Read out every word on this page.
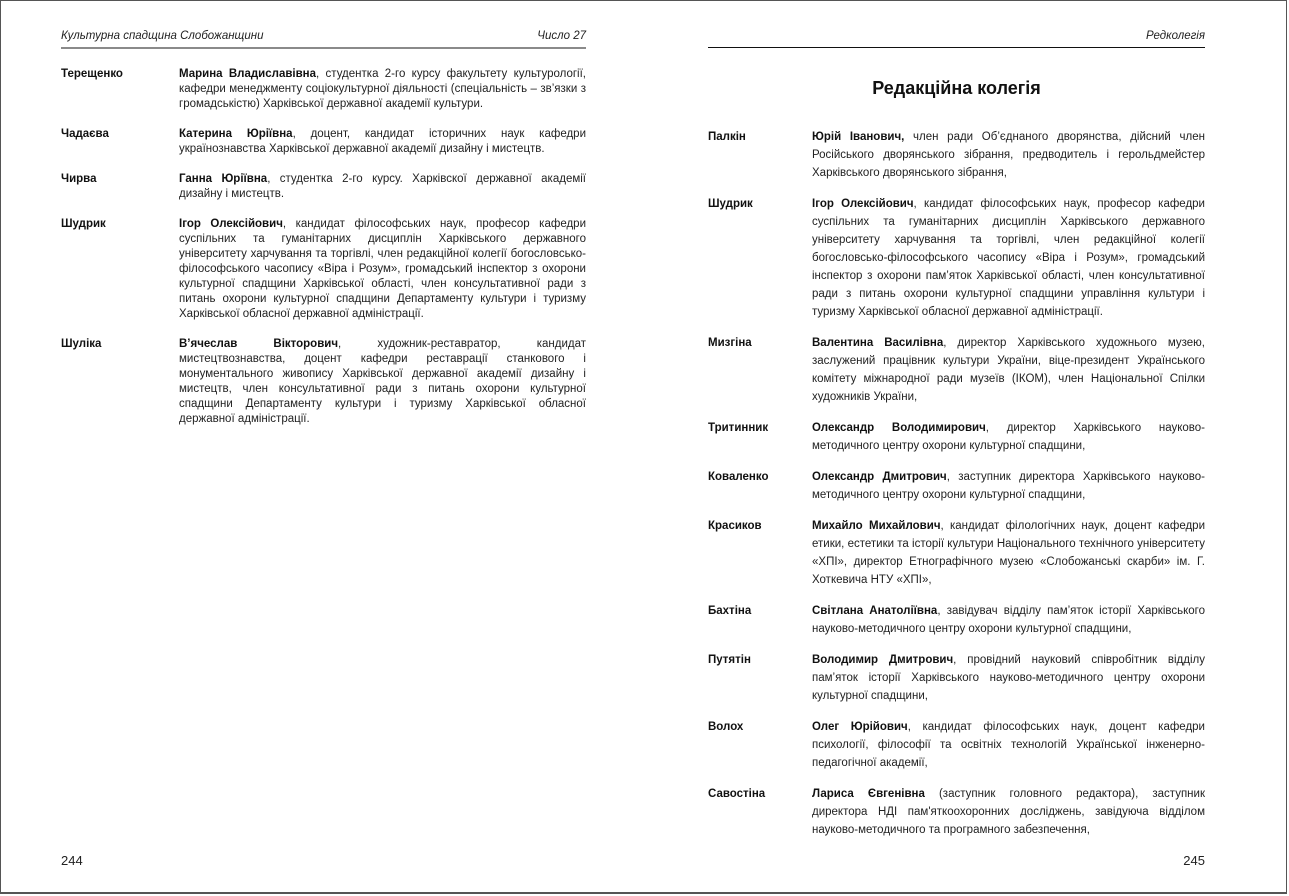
Культурна спадщина Слобожанщини	Число 27
Терещенко	Марина Владиславівна, студентка 2-го курсу факультету культурології, кафедри менеджменту соціокультурної діяльності (спеціальність – зв’язки з громадськістю) Харківської державної академії культури.
Чадаєва	Катерина Юріївна, доцент, кандидат історичних наук кафедри українознавства Харківської державної академії дизайну і мистецтв.
Чирва	Ганна Юріївна, студентка 2-го курсу. Харківскої державної академії дизайну і мистецтв.
Шудрик	Ігор Олексійович, кандидат філософських наук, професор кафедри суспільних та гуманітарних дисциплін Харківського державного університету харчування та торгівлі, член редакційної колегії богословсько-філософського часопису «Віра і Розум», громадський інспектор з охорони культурної спадщини Харківської області, член консультативної ради з питань охорони культурної спадщини Департаменту культури і туризму Харківської обласної державної адміністрації.
Шуліка	В’ячеслав Вікторович, художник-реставратор, кандидат мистецтвознавства, доцент кафедри реставрації станкового і монументального живопису Харківської державної академії дизайну і мистецтв, член консультативної ради з питань охорони культурної спадщини Департаменту культури і туризму Харківської обласної державної адміністрації.
244
Редколегія
Редакційна колегія
Палкін	Юрій Іванович, член ради Об’єднаного дворянства, дійсний член Російського дворянського зібрання, предводитель і герольдмейстер Харківського дворянського зібрання,
Шудрик	Ігор Олексійович, кандидат філософських наук, професор кафедри суспільних та гуманітарних дисциплін Харківського державного університету харчування та торгівлі, член редакційної колегії богословсько-філософського часопису «Віра і Розум», громадський інспектор з охорони пам’яток Харківської області, член консультативної ради з питань охорони культурної спадщини управління культури і туризму Харківської обласної державної адміністрації.
Мизгіна	Валентина Василівна, директор Харківського художнього музею, заслужений працівник культури України, віце-президент Українського комітету міжнародної ради музеїв (ІКОМ), член Національної Спілки художників України,
Тритинник	Олександр Володимирович, директор Харківського науково-методичного центру охорони культурної спадщини,
Коваленко	Олександр Дмитрович, заступник директора Харківського науково-методичного центру охорони культурної спадщини,
Красиков	Михайло Михайлович, кандидат філологічних наук, доцент кафедри етики, естетики та історії культури Національного технічного університету «ХПІ», директор Етнографічного музею «Слобожанські скарби» ім. Г. Хоткевича НТУ «ХПІ»,
Бахтіна	Світлана Анатоліївна, завідувач відділу пам’яток історії Харківського науково-методичного центру охорони культурної спадщини,
Путятін	Володимир Дмитрович, провідний науковий співробітник відділу пам’яток історії Харківського науково-методичного центру охорони культурної спадщини,
Волох	Олег Юрійович, кандидат філософських наук, доцент кафедри психології, філософії та освітніх технологій Української інженерно-педагогічної академії,
Савостіна	Лариса Євгенівна (заступник головного редактора), заступник директора НДІ пам'яткоохоронних досліджень, завідуюча відділом науково-методичного та програмного забезпечення,
245
